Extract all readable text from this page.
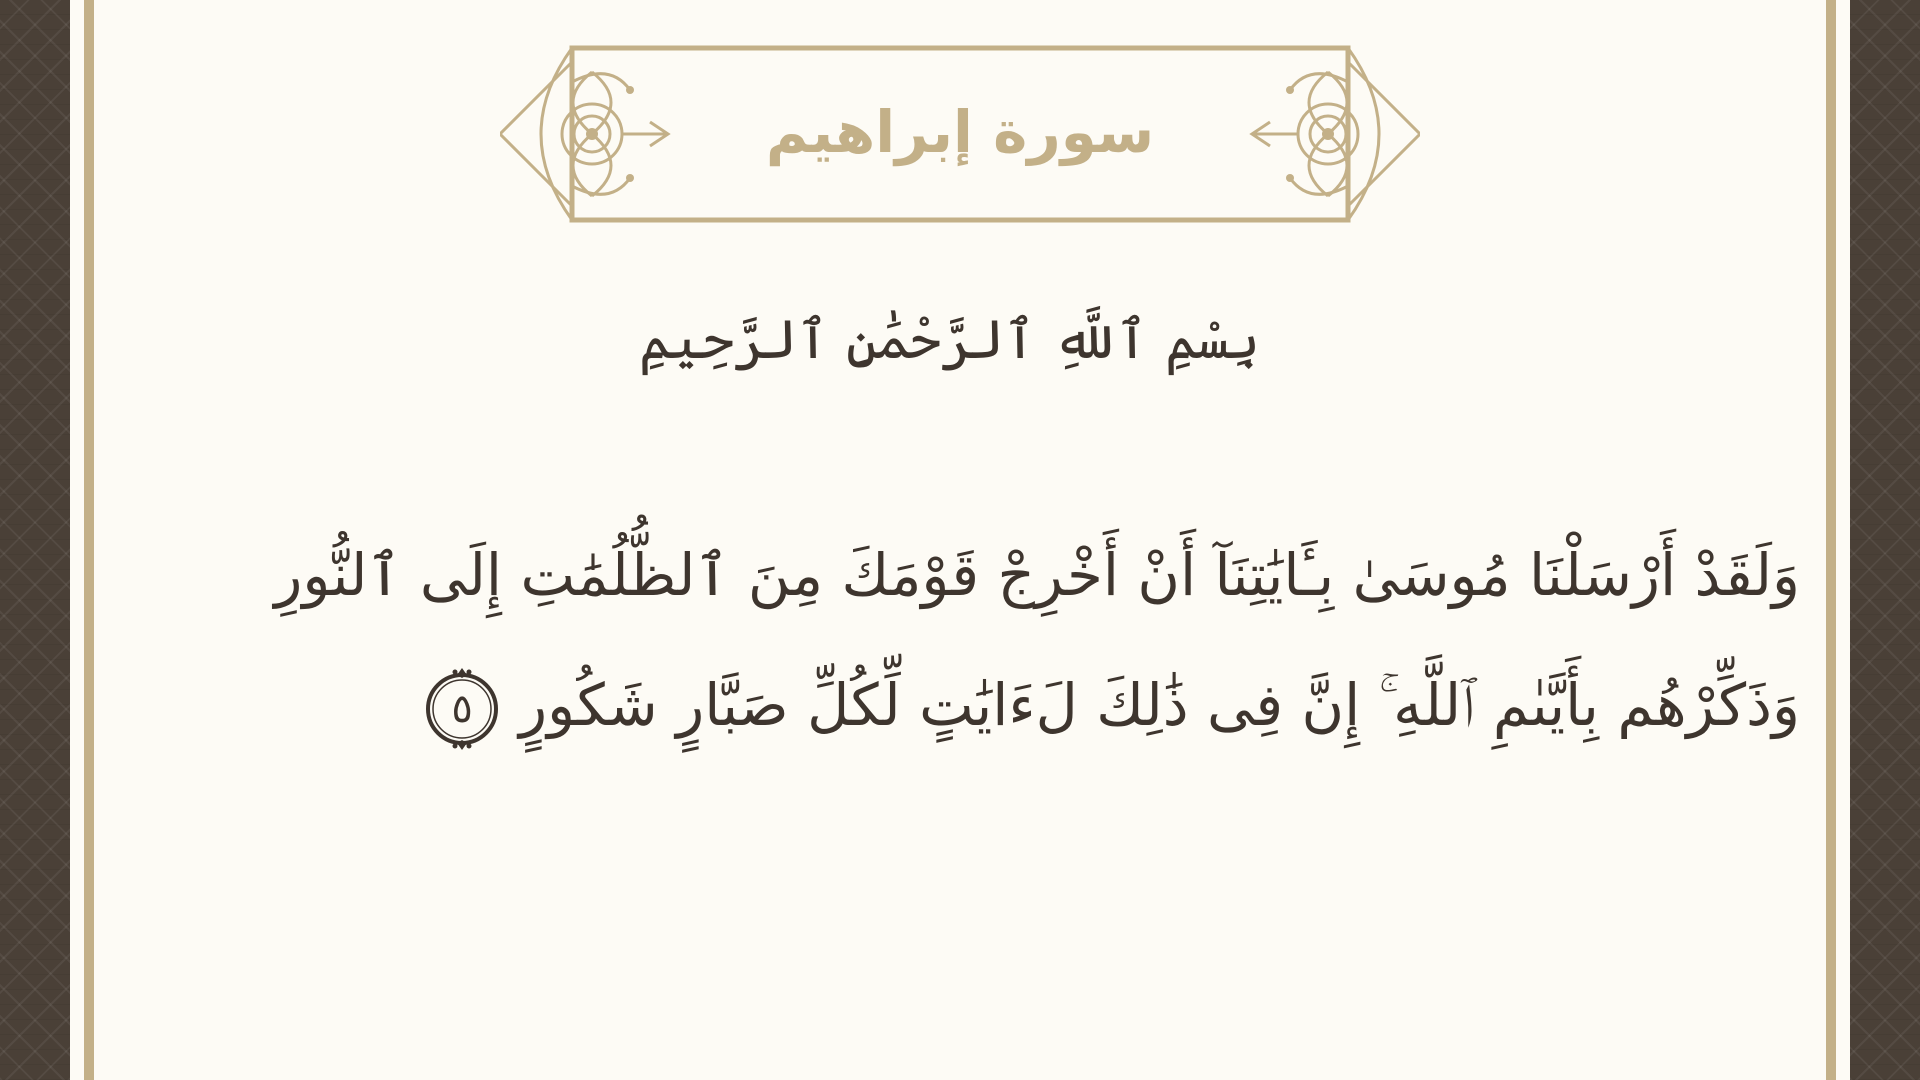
سورة إبراهيم
بِسْمِ ٱللَّهِ ٱلرَّحْمَٰنِ ٱلرَّحِيمِ
وَلَقَدْ أَرْسَلْنَا مُوسَىٰ بِـَٔايَٰتِنَآ أَنْ أَخْرِجْ قَوْمَكَ مِنَ ٱلظُّلُمَٰتِ إِلَى ٱلنُّورِ
وَذَكِّرْهُم بِأَيَّىٰمِ ٱللَّهِ ۚ إِنَّ فِى ذَٰلِكَ لَءَايَٰتٍ لِّكُلِّ صَبَّارٍ شَكُورٍ
٥
